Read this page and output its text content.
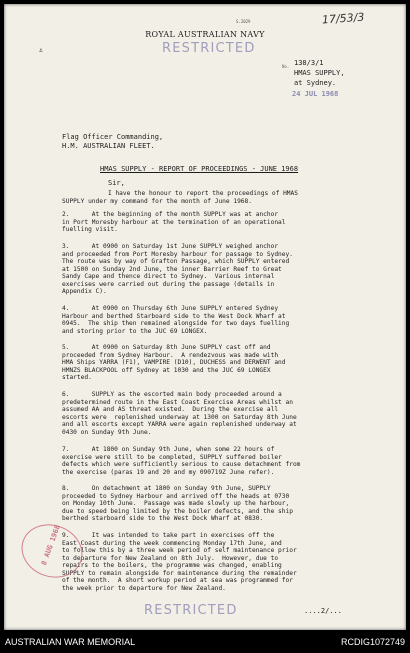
S.2029	17/53/3
ROYAL AUSTRALIAN NAVY
⚓	RESTRICTED
No. 138/3/1
HMAS SUPPLY,
at Sydney.
24 JUL 1968
Flag Officer Commanding,
H.M. AUSTRALIAN FLEET.
HMAS SUPPLY - REPORT OF PROCEEDINGS - JUNE 1968
Sir,
I have the honour to report the proceedings of HMAS
SUPPLY under my command for the month of June 1968.
2.      At the beginning of the month SUPPLY was at anchor
in Port Moresby harbour at the termination of an operational
fuelling visit.
3.      At 0900 on Saturday 1st June SUPPLY weighed anchor
and proceeded from Port Moresby harbour for passage to Sydney.
The route was by way of Grafton Passage, which SUPPLY entered
at 1500 on Sunday 2nd June, the inner Barrier Reef to Great
Sandy Cape and thence direct to Sydney.  Various internal
exercises were carried out during the passage (details in
Appendix C).
4.      At 0900 on Thursday 6th June SUPPLY entered Sydney
Harbour and berthed Starboard side to the West Dock Wharf at
0945.  The ship then remained alongside for two days fuelling
and storing prior to the JUC 69 LONGEX.
5.      At 0900 on Saturday 8th June SUPPLY cast off and
proceeded from Sydney Harbour.  A rendezvous was made with
HMA Ships YARRA (F1), VAMPIRE (D10), DUCHESS and DERWENT and
HMNZS BLACKPOOL off Sydney at 1030 and the JUC 69 LONGEX
started.
6.      SUPPLY as the escorted main body proceeded around a
predetermined route in the East Coast Exercise Areas whilst an
assumed AA and AS threat existed.  During the exercise all
escorts were  replenished underway at 1300 on Saturday 8th June
and all escorts except YARRA were again replenished underway at
0430 on Sunday 9th June.
7.      At 1800 on Sunday 9th June, when some 22 hours of
exercise were still to be completed, SUPPLY suffered boiler
defects which were sufficiently serious to cause detachment from
the exercise (paras 19 and 20 and my 090719Z June refer).
8.      On detachment at 1800 on Sunday 9th June, SUPPLY
proceeded to Sydney Harbour and arrived off the heads at 0730
on Monday 10th June.  Passage was made slowly up the harbour,
due to speed being limited by the boiler defects, and the ship
berthed starboard side to the West Dock Wharf at 0830.
9.      It was intended to take part in exercises off the
East Coast during the week commencing Monday 17th June, and
to follow this by a three week period of self maintenance prior
to departure for New Zealand on 8th July.  However, due to
repairs to the boilers, the programme was changed, enabling
SUPPLY to remain alongside for maintenance during the remainder
of the month.  A short workup period at sea was programmed for
the week prior to departure for New Zealand.
8 AUG 1968
RESTRICTED	....2/...
AUSTRALIAN WAR MEMORIAL	RCDIG1072749
